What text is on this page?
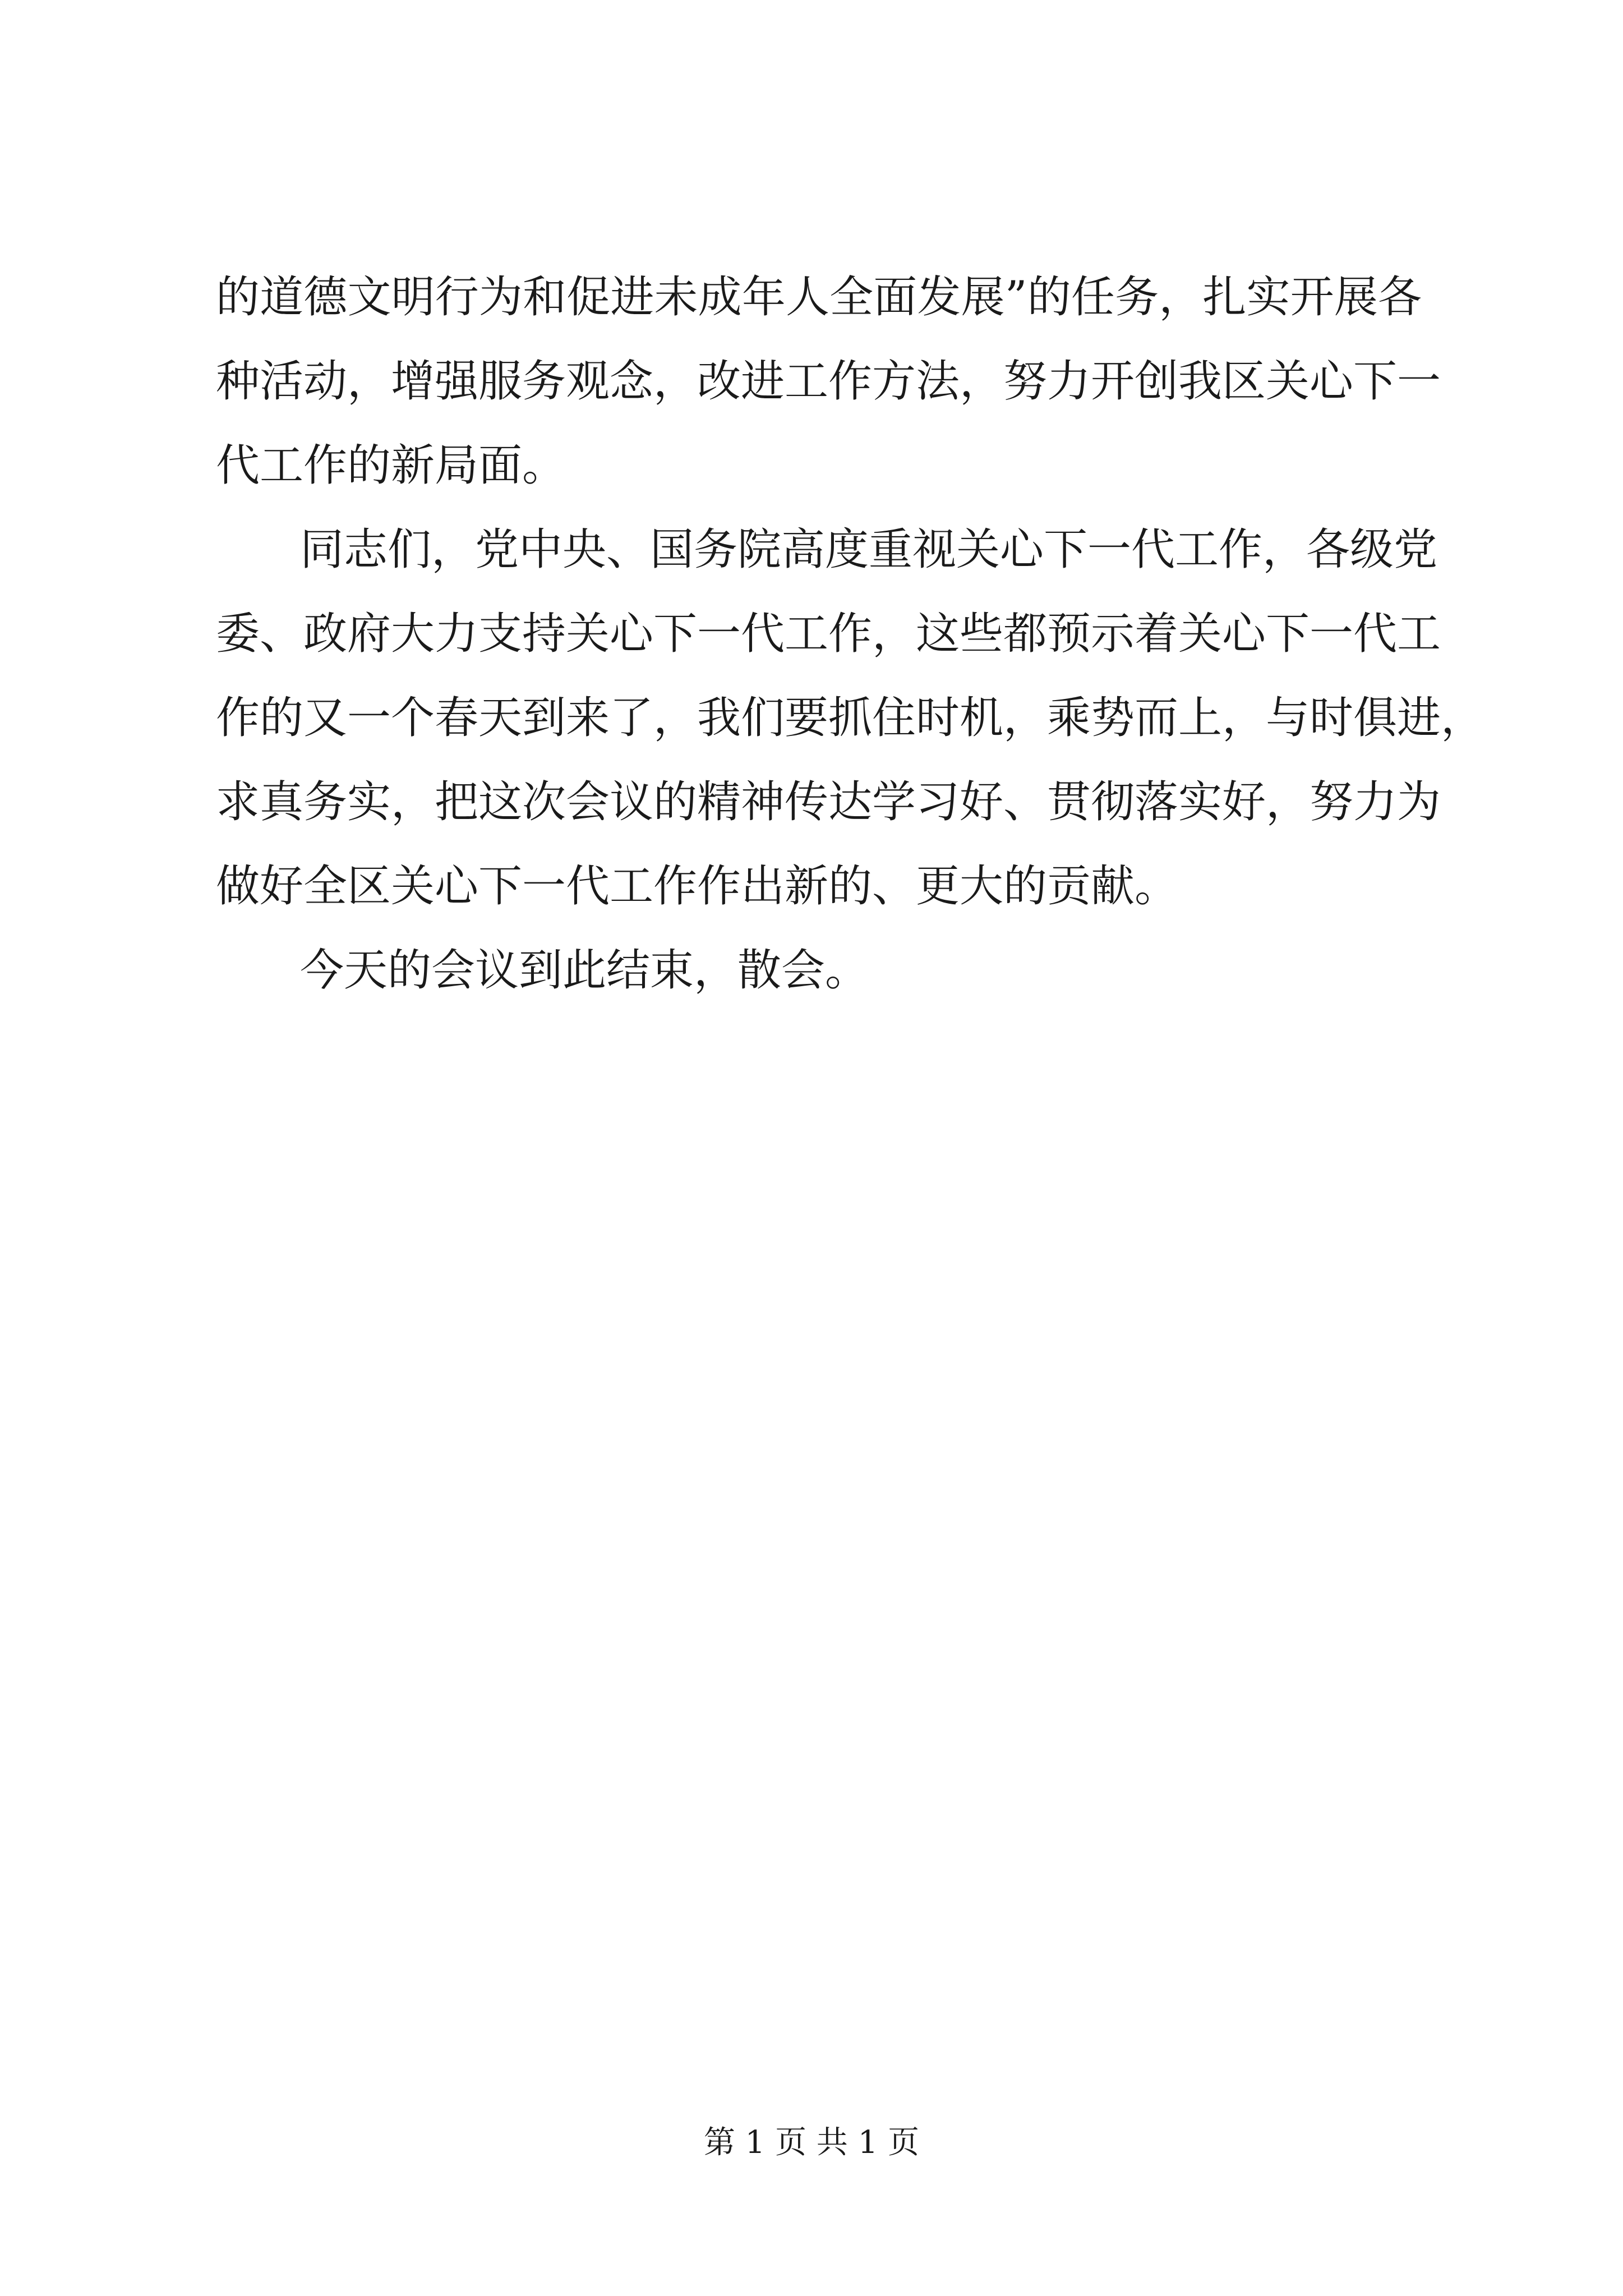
的道德文明行为和促进未成年人全面发展”的任务，扎实开展各
种活动，增强服务观念，改进工作方法，努力开创我区关心下一
代工作的新局面。
同志们，党中央、国务院高度重视关心下一代工作，各级党
委、政府大力支持关心下一代工作，这些都预示着关心下一代工
作的又一个春天到来了，我们要抓住时机，乘势而上，与时俱进，
求真务实，把这次会议的精神传达学习好、贯彻落实好，努力为
做好全区关心下一代工作作出新的、更大的贡献。
今天的会议到此结束，散会。
第 1 页 共 1 页
